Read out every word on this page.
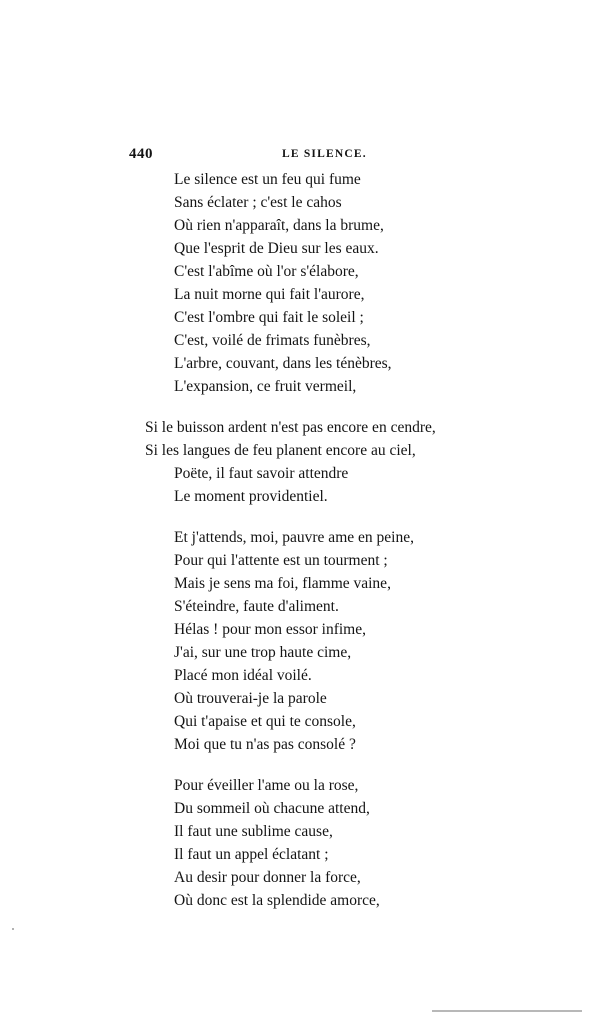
440	LE SILENCE.
Le silence est un feu qui fume
Sans éclater ; c'est le cahos
Où rien n'apparaît, dans la brume,
Que l'esprit de Dieu sur les eaux.
C'est l'abîme où l'or s'élabore,
La nuit morne qui fait l'aurore,
C'est l'ombre qui fait le soleil ;
C'est, voilé de frimats funèbres,
L'arbre, couvant, dans les ténèbres,
L'expansion, ce fruit vermeil,
Si le buisson ardent n'est pas encore en cendre,
Si les langues de feu planent encore au ciel,
Poëte, il faut savoir attendre
Le moment providentiel.
Et j'attends, moi, pauvre ame en peine,
Pour qui l'attente est un tourment ;
Mais je sens ma foi, flamme vaine,
S'éteindre, faute d'aliment.
Hélas ! pour mon essor infime,
J'ai, sur une trop haute cime,
Placé mon idéal voilé.
Où trouverai-je la parole
Qui t'apaise et qui te console,
Moi que tu n'as pas consolé ?
Pour éveiller l'ame ou la rose,
Du sommeil où chacune attend,
Il faut une sublime cause,
Il faut un appel éclatant ;
Au desir pour donner la force,
Où donc est la splendide amorce,
